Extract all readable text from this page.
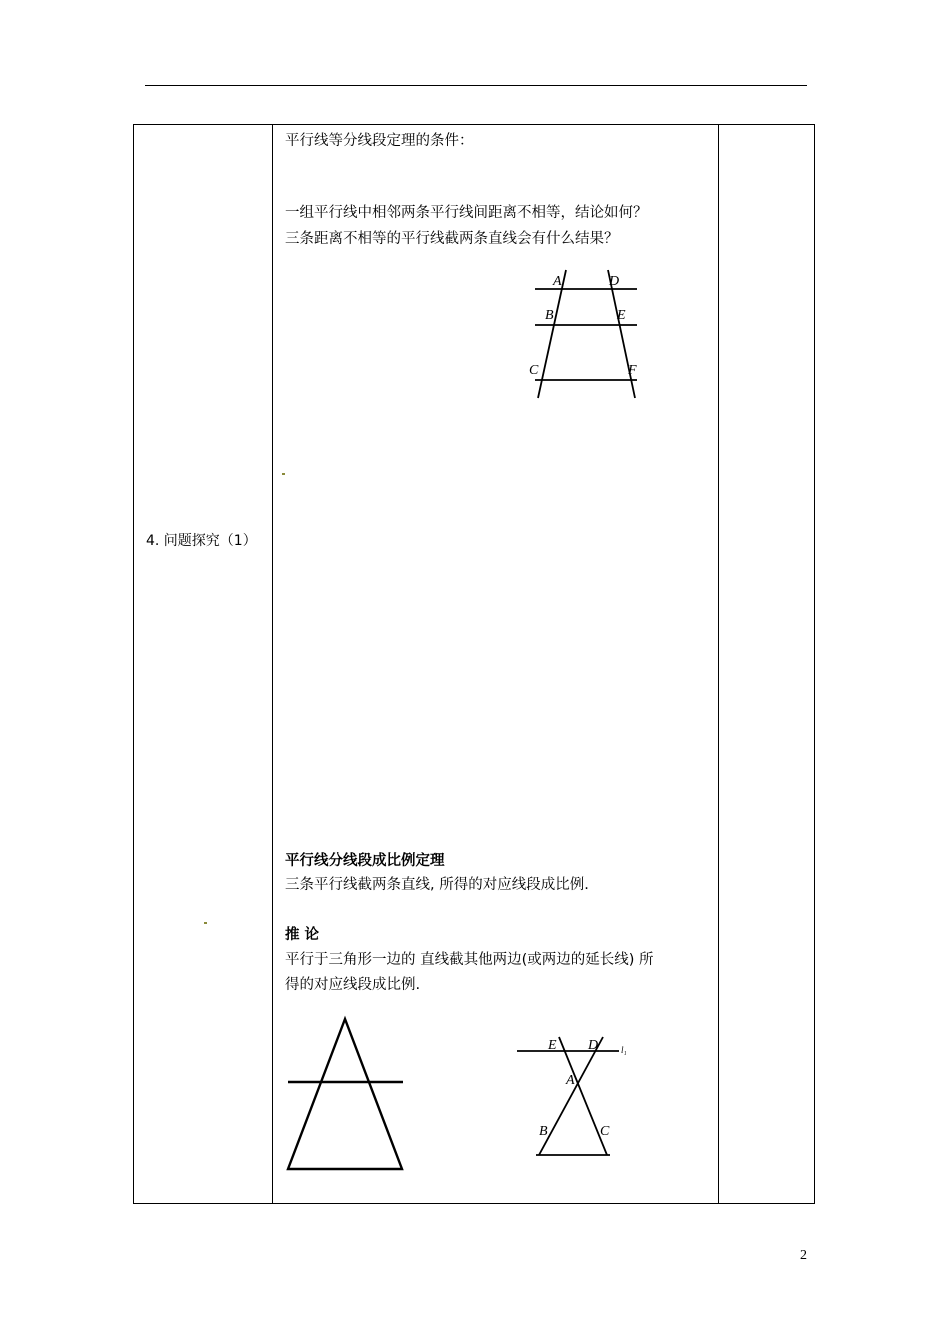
4. 问题探究（1）
平行线等分线段定理的条件：
一组平行线中相邻两条平行线间距离不相等，结论如何？
三条距离不相等的平行线截两条直线会有什么结果？
A	D
B	E
C	F
平行线分线段成比例定理
三条平行线截两条直线, 所得的对应线段成比例.
推 论
平行于三角形一边的 直线截其他两边(或两边的延长线) 所
得的对应线段成比例.
E D	l₁
A
B	C
2
